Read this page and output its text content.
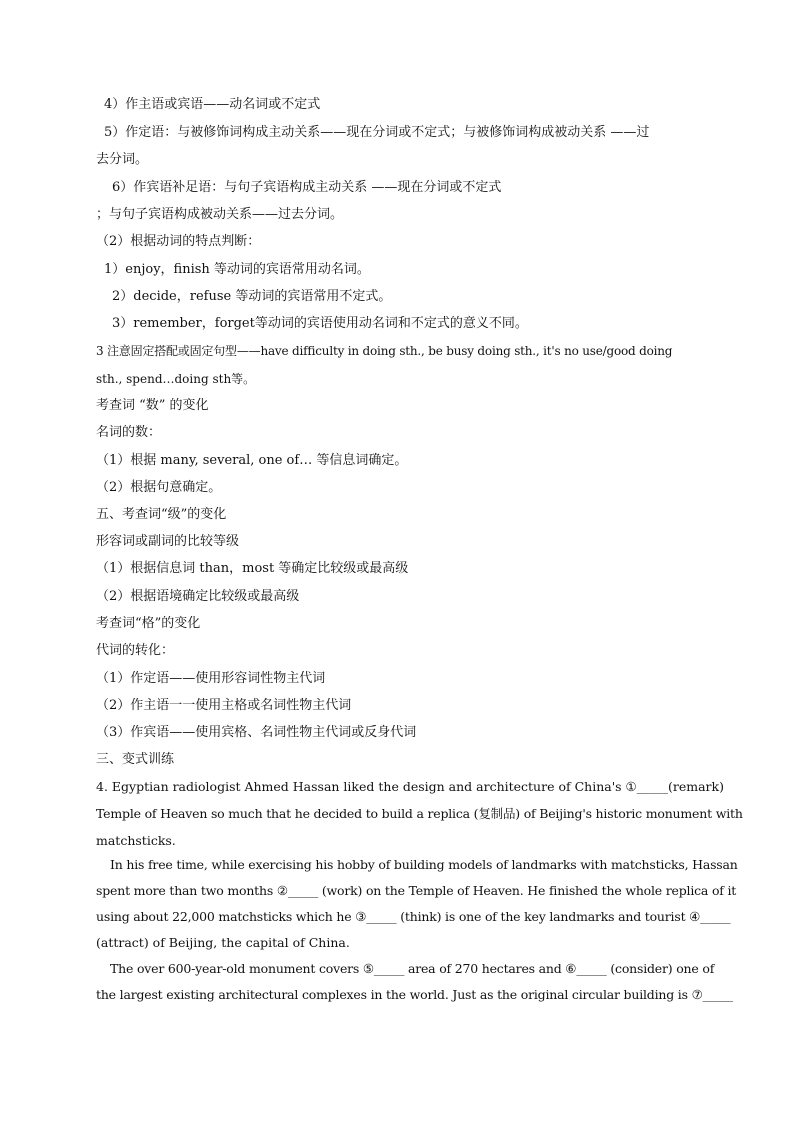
4）作主语或宾语——动名词或不定式
5）作定语：与被修饰词构成主动关系——现在分词或不定式；与被修饰词构成被动关系 ——过
去分词。
6）作宾语补足语：与句子宾语构成主动关系 ——现在分词或不定式
；与句子宾语构成被动关系——过去分词。
（2）根据动词的特点判断：
1）enjoy，finish 等动词的宾语常用动名词。
2）decide，refuse 等动词的宾语常用不定式。
3）remember，forget等动词的宾语使用动名词和不定式的意义不同。
3 注意固定搭配或固定句型——have difficulty in doing sth., be busy doing sth., it's no use/good doing
sth., spend…doing sth等。
考查词 “数” 的变化
名词的数：
（1）根据 many, several, one of… 等信息词确定。
（2）根据句意确定。
五、考查词“级”的变化
形容词或副词的比较等级
（1）根据信息词 than，most 等确定比较级或最高级
（2）根据语境确定比较级或最高级
考查词“格”的变化
代词的转化：
（1）作定语——使用形容词性物主代词
（2）作主语一一使用主格或名词性物主代词
（3）作宾语——使用宾格、名词性物主代词或反身代词
三、变式训练
4. Egyptian radiologist Ahmed Hassan liked the design and architecture of China's ①_____(remark)
Temple of Heaven so much that he decided to build a replica (复制品) of Beijing's historic monument with
matchsticks.
In his free time, while exercising his hobby of building models of landmarks with matchsticks, Hassan
spent more than two months ②_____ (work) on the Temple of Heaven. He finished the whole replica of it
using about 22,000 matchsticks which he ③_____ (think) is one of the key landmarks and tourist ④_____
(attract) of Beijing, the capital of China.
The over 600-year-old monument covers ⑤_____ area of 270 hectares and ⑥_____ (consider) one of
the largest existing architectural complexes in the world. Just as the original circular building is ⑦_____
